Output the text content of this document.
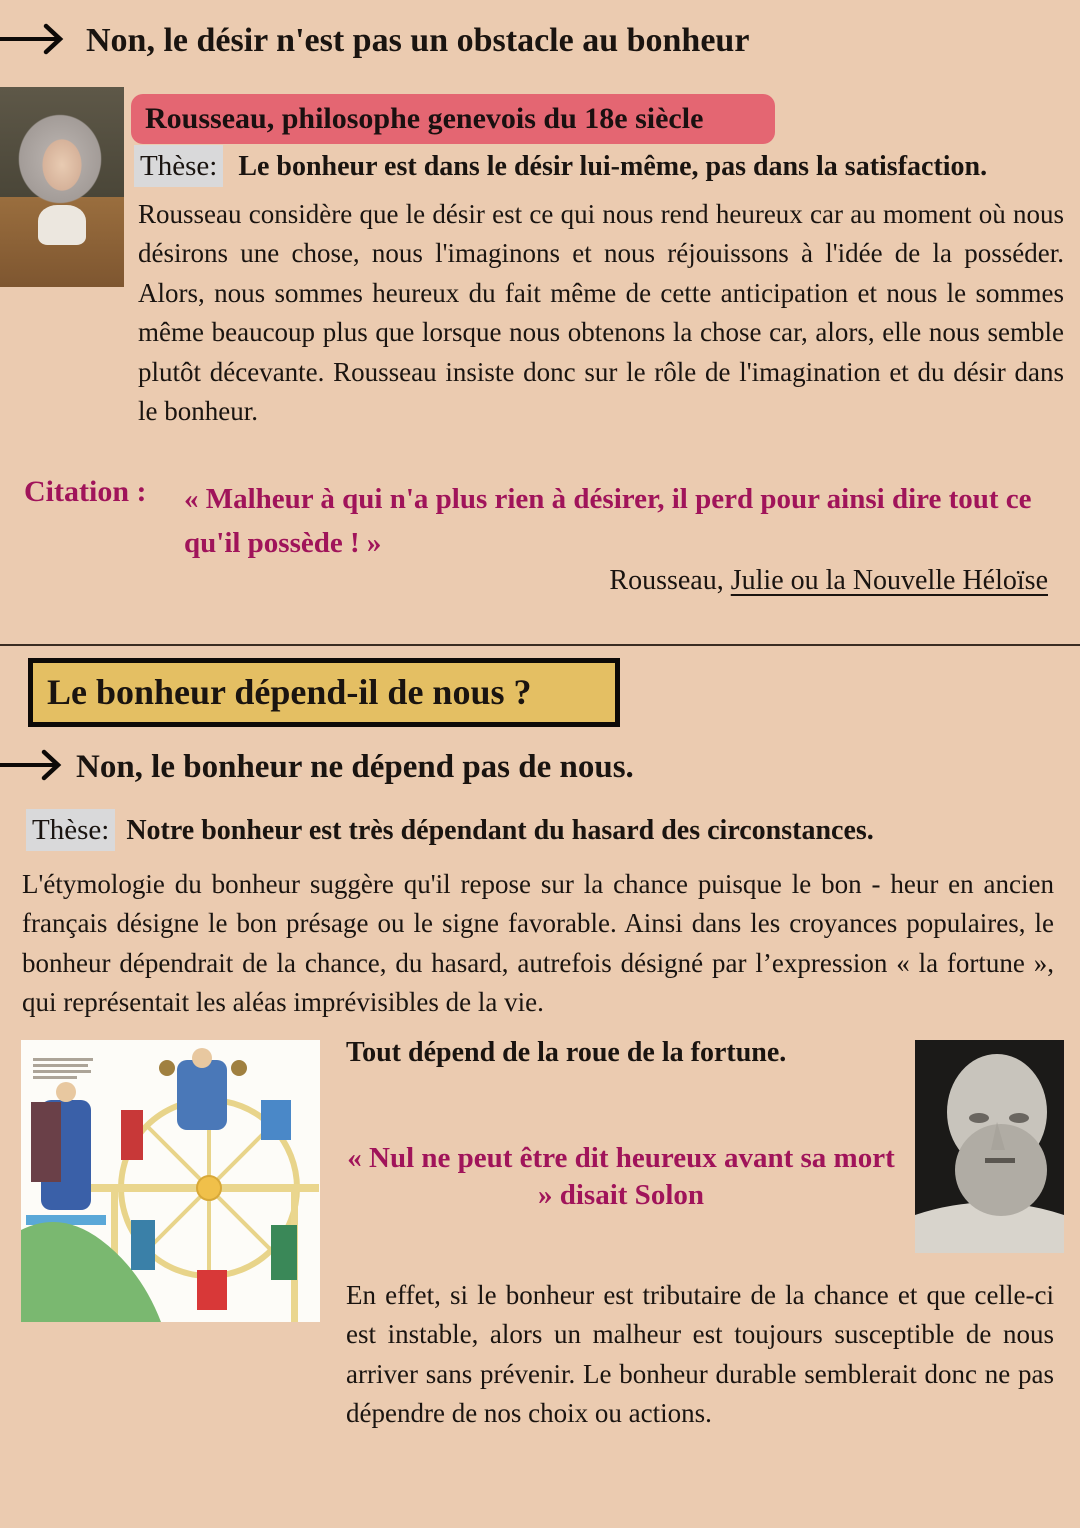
Non, le désir n'est pas un obstacle au bonheur
Rousseau, philosophe genevois du 18e siècle
Thèse: Le bonheur est dans le désir lui-même, pas dans la satisfaction.
Rousseau considère que le désir est ce qui nous rend heureux car au moment où nous désirons une chose, nous l'imaginons et nous réjouissons à l'idée de la posséder. Alors, nous sommes heureux du fait même de cette anticipation et nous le sommes même beaucoup plus que lorsque nous obtenons la chose car, alors, elle nous semble plutôt décevante. Rousseau insiste donc sur le rôle de l'imagination et du désir dans le bonheur.
Citation : « Malheur à qui n'a plus rien à désirer, il perd pour ainsi dire tout ce qu'il possède ! »
Rousseau, Julie ou la Nouvelle Héloïse
Le bonheur dépend-il de nous ?
Non, le bonheur ne dépend pas de nous.
Thèse: Notre bonheur est très dépendant du hasard des circonstances.
L'étymologie du bonheur suggère qu'il repose sur la chance puisque le bon - heur en ancien français désigne le bon présage ou le signe favorable. Ainsi dans les croyances populaires, le bonheur dépendrait de la chance, du hasard, autrefois désigné par l’expression « la fortune », qui représentait les aléas imprévisibles de la vie.
Tout dépend de la roue de la fortune.
« Nul ne peut être dit heureux avant sa mort » disait Solon
En effet, si le bonheur est tributaire de la chance et que celle-ci est instable, alors un malheur est toujours susceptible de nous arriver sans prévenir. Le bonheur durable semblerait donc ne pas dépendre de nos choix ou actions.
